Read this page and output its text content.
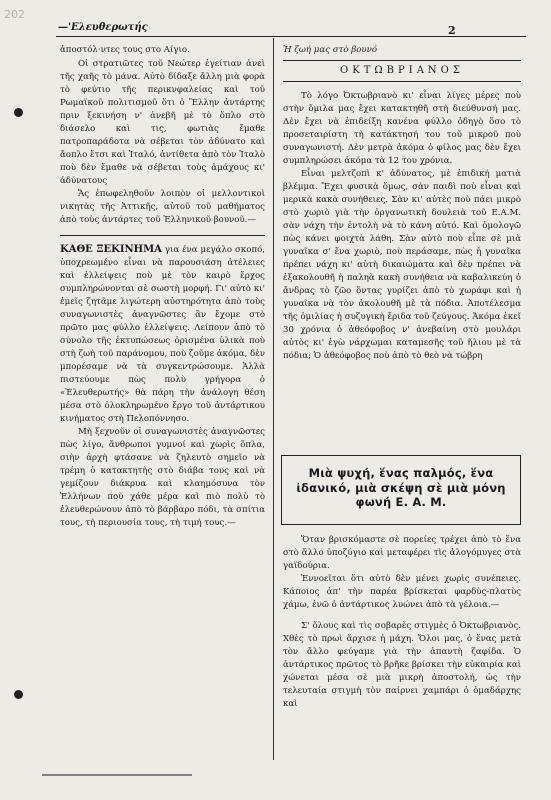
202
—'Ελευθερωτής	2

ἀποστόλ·ντες τους στο Αίγιο.

Οἱ στρατιῶτες τοῦ Νεώτερ ἐγείτιαν ἀνεὶ τῆς χαῆς τὸ μάνα. Αὐτὸ δίδαξε ἄλλη μιὰ φορὰ τὸ φεύτιο τῆς περικνφαλείας καὶ τοῦ Ρωμαϊκοῦ πολιτισμοῦ ὅτι ὁ Ἕλλην ἀντάρτης πριν ξεκινήση ν' ἀνεβῆ μὲ τὸ ὅπλο στὸ διάσελο καὶ τις, φωτιὰς ἔμαθε πατροπαράδοτα νὰ σέβεται τὸν ἀδύνατο καὶ ἄοπλο ἔτσι καὶ Ἰταλό, ἀντίθετα ἀπὸ τὸν Ἰταλὸ ποὺ δὲν ἔμαθε νὰ σέβεται τοὺς ἀμάχους κι' ἀδύνατους

Ἄς ἐπωφεληθοῦν λοιπὸν οἱ μελλοντικοὶ νικητὰς τῆς Ἀττικῆς, αὐτοῦ τοῦ μαθήματος ἀπὸ τοὺς ἀντάρτες τοῦ Ἑλληνικοῦ βουνοῦ.—

ΚΑΘΕ ΞΕΚΙΝΗΜΑ για ένα μεγάλο σκοπό, ὑποχρεωμένο εἶναι νὰ παρουσιάση ἀτέλειες καὶ ἐλλείψεις ποὺ μὲ τὸν καιρὸ ἔρχος συμπληρώνονται σὲ σωστὴ μορφή. Γι' αὐτὸ κι' ἐμεῖς ζητᾶμε λιγώτερη αὐστηρότητα ἀπὸ τοὺς συναγωνιστὲς ἀναγνῶστες ἂν ἔχομε στὸ πρῶτο μας φύλλο ἐλλείψεις. Λείπουν ἀπὸ τὸ σύνολο τῆς ἐκτυπώσεως ὁρισμένα ὑλικὰ ποὺ στὴ ζωὴ τοῦ παράνομου, ποὺ ζοῦμε ἀκόμα, δὲν μπορέσαμε νὰ τὰ συγκεντρώσουμε. Ἀλλὰ πιστεύουμε πὼς πολὺ γρήγορα ὁ «Ἐλευθερωτής» θὰ πάρη τὴν ἀνάλογη θέση μέσα στὸ ὁλοκληρωμένο ἔργο τοῦ ἀντάρτικου κινήματος στὴ Πελοπόννησο.

Μὴ ξεχνοῦν οἱ συναγωνιστὲς ἀναγνῶστες πὼς λίγο, ἄνθρωποι γυμνοί καὶ χωρὶς ὅπλα, σιὴν ἀρχὴ φτάσανε νὰ ζηλευτὸ σημεῖο νὰ τρέμη ὁ κατακτητὴς στὸ διάβα τους καὶ νὰ γεμίζουν διάκρυα καὶ κλαημόσυνα τὸν Ἑλλήνων ποὺ χάθε μέρα καὶ πιὸ πολὺ τὸ ἐλευθερώνουν ἀπὸ τὸ βάρβαρο πόδι, τὰ σπίτια τους, τὴ περιουσία τους, τὴ τιμή τους.—

Ἡ ζωή μας στὸ βουνό
ΟΚΤΩΒΡΙΑΝΟΣ

Τὸ λόγο Ὀκτωβριανὸ κι' εἶναι λίγες μέρες ποὺ στὴν ὅμιλα μας ἔχει κατακτηθῆ στὴ διεύθυνσή μας. Δὲν ἔχει νὰ ἐπιδείξη κανένα φύλλο ὁδηγὸ ὅσο τὸ προσεταιρίστη τὴ κατάκτησή του τοῦ μικροῦ ποὺ συναγωνιστή. Δὲν μετρὰ ἀκόμα ὁ φίλος μας δὲν ἔχει συμπληρώσει ἀκόμα τὰ 12 του χρόνια.

Εἶναι μελτζοπὶ κ' ἀδύνατος, μὲ ἐπιδική ματιὰ βλέμμα. Ἔχει φυσικὰ ὅμως, σὰν παιδὶ ποὺ εἶναι καὶ μερικὰ κακὰ συνήθειες. Σὰν κι' αὐτὲς ποὺ πάει μικρὸ στὸ χωριὸ γιὰ τὴν ὀργανωτικὴ δουλειὰ τοῦ Ε.Α.Μ. σὰν νάχη τὴν ἐντολὴ νὰ τὸ κάνη αὐτό. Καὶ ὁμολογῶ πὼς κάνει φοιχτὰ λάθη. Σὰν αὐτὸ ποὺ εἶπε σὲ μιὰ γυναῖκα σ' ἕνα χωριὸ, ποὺ περάσαμε, πὼς ἡ γυναῖκα πρέπει νάχη κι' αὐτὴ δικαιώματα καὶ δὲν πρέπει νὰ ἐξακολουθῆ ἡ παληὰ κακὴ συνήθεια νὰ καβαλικεύη ὁ ἄνδρας τὸ ζῶο ὅντας γυρίζει ἀπὸ τὸ χωράφι καὶ ἡ γυναῖκα νὰ τὸν ἀκολουθῆ μὲ τὰ πόδια. Ἀποτέλεσμα τῆς ὁμιλίας ἡ συζυγικὴ ἔριδα τοῦ ζεύγους. Ἀκόμα ἐκεῖ 30 χρόνια ὁ ἀθεόφοβος ν' ἀνεβαίνη στὸ μουλάρι αὐτὸς κι' ἐγὼ νάρχωμαι καταμεσῆς τοῦ ἥλιου μὲ τὰ πόδια; Ὁ ἀθεόφοβος ποὺ ἀπὸ τὸ θεὸ νὰ τώβρη

Μιὰ ψυχή, ἕνας παλμός, ἕνα ἰδανικό, μιὰ σκέψη σὲ μιὰ μόνη
φωνή Ε. Α. Μ.

Ὅταν βρισκόμαστε σὲ πορείες τρέχει ἀπὸ τὸ ἕνα στὸ ἄλλο ὑποζύγιο καὶ μεταφέρει τὶς ἀλογόμυγες στὰ γαϊδούρια.

Ἐννοεῖται ὅτι αὐτὸ δὲν μένει χωρὶς συνέπειες. Κάποιος ἀπ' τὴν παρέα βρίσκεται φαρδὺς-πλατὺς χάμω, ἐνῶ ὁ ἀντάρτικος λυώνει ἀπὸ τὰ γέλοια.—

Σ' ὅλους καὶ τὶς σοβαρὲς στιγμὲς ὁ Ὀκτωβριανὸς. Χθὲς τὸ πρωὶ ἄρχισε ἡ μάχη. Ὅλοι μας, ὁ ἕνας μετὰ τὸν ἄλλο φεύγαμε γιὰ τὴν ἀπαντὴ ζαφίδα. Ὁ ἀντάρτικος πρῶτος τὸ βρῆκε βρίσκει τὴν εὐκαιρία καὶ χώνεται μέσα σὲ μιὰ μικρὴ ἀποστολή, ὡς τὴν τελευταία στιγμὴ τὸν παίρνει χαμπάρι ὁ ὁμαδάρχης καὶ
